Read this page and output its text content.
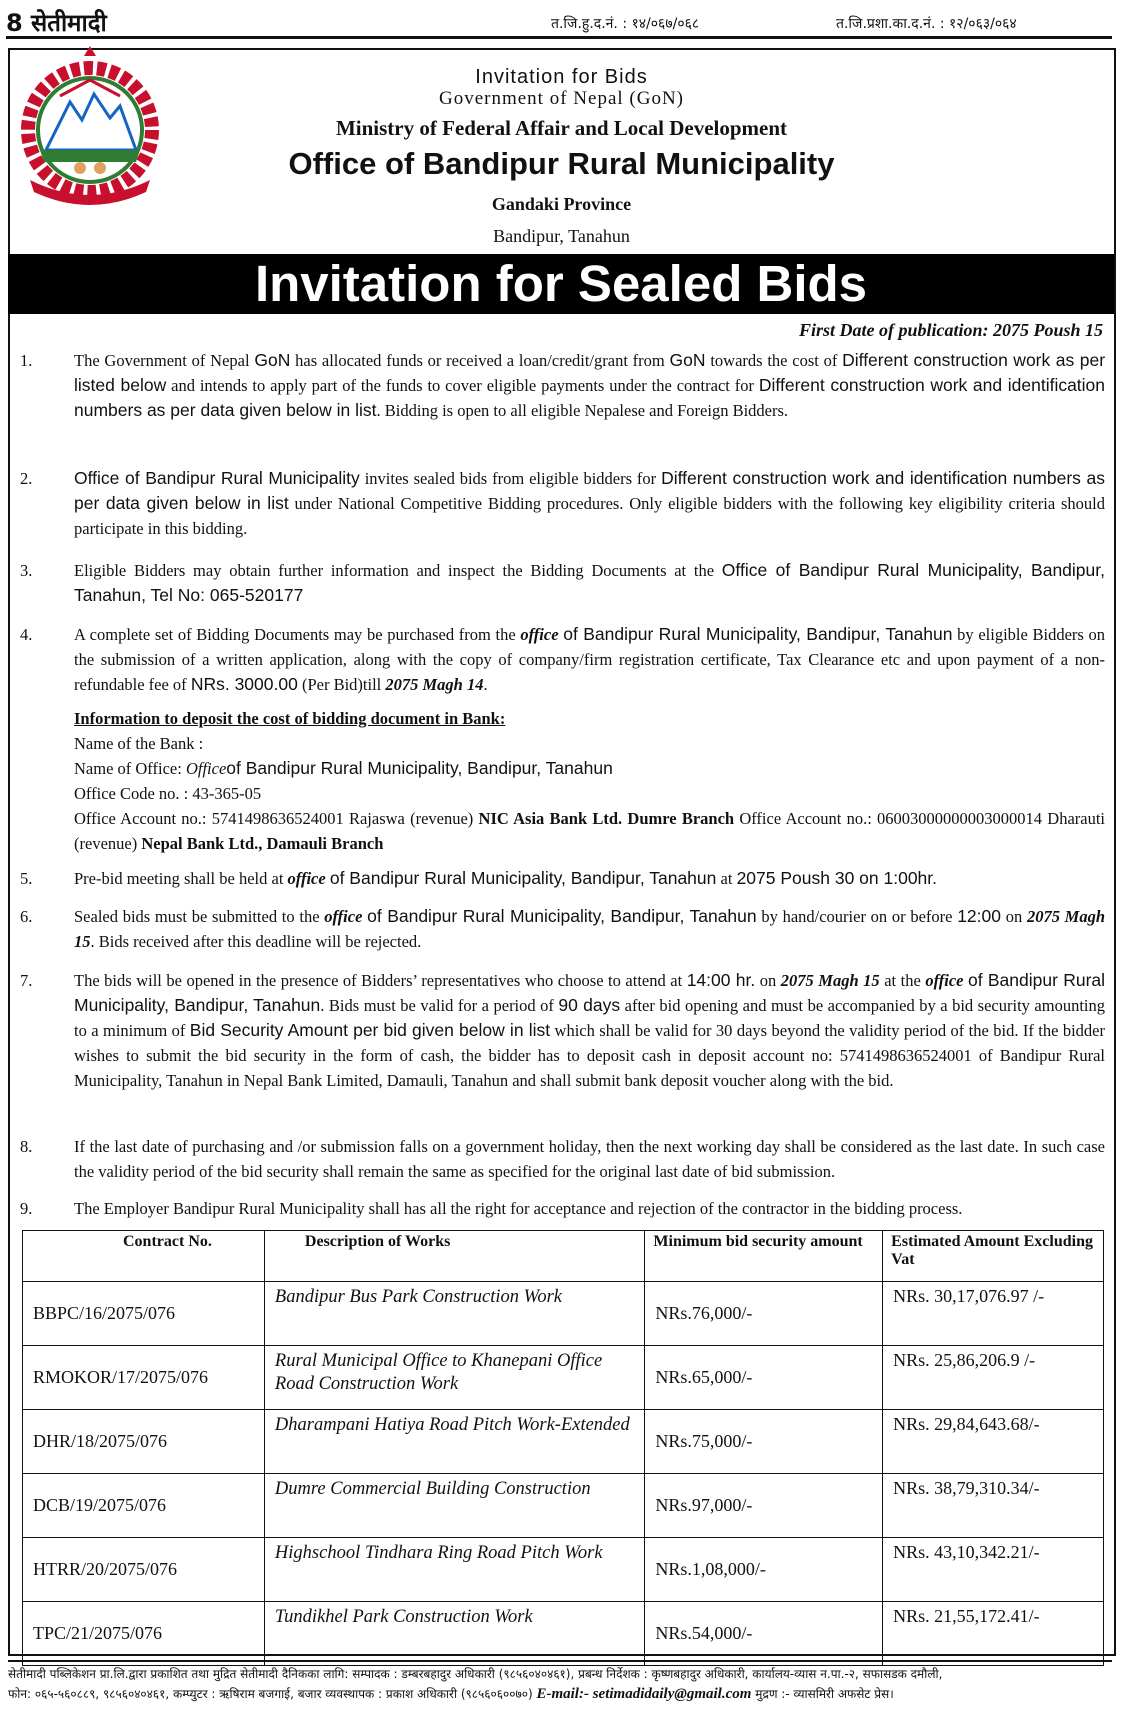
8 सेतीमादी	त.जि.हु.द.नं. : १४/०६७/०६८	त.जि.प्रशा.का.द.नं. : १२/०६३/०६४
Invitation for Bids
Government of Nepal (GoN)
Ministry of Federal Affair and Local Development
Office of Bandipur Rural Municipality
Gandaki Province
Bandipur, Tanahun
Invitation for Sealed Bids
First Date of publication: 2075 Poush 15
1.	The Government of Nepal GoN has allocated funds or received a loan/credit/grant from GoN towards the cost of Different construction work as per listed below and intends to apply part of the funds to cover eligible payments under the contract for Different construction work and identification numbers as per data given below in list. Bidding is open to all eligible Nepalese and Foreign Bidders.
2. Office of Bandipur Rural Municipality invites sealed bids from eligible bidders for Different construction work and identification numbers as per data given below in list under National Competitive Bidding procedures. Only eligible bidders with the following key eligibility criteria should participate in this bidding.
3.	Eligible Bidders may obtain further information and inspect the Bidding Documents at the Office of Bandipur Rural Municipality, Bandipur, Tanahun, Tel No: 065-520177
4.	A complete set of Bidding Documents may be purchased from the office of Bandipur Rural Municipality, Bandipur, Tanahun by eligible Bidders on the submission of a written application, along with the copy of company/firm registration certificate, Tax Clearance etc and upon payment of a non-refundable fee of NRs. 3000.00 (Per Bid)till 2075 Magh 14.
Information to deposit the cost of bidding document in Bank:
Name of the Bank :
Name of Office: Officeof Bandipur Rural Municipality, Bandipur, Tanahun
Office Code no. : 43-365-05
Office Account no.: 5741498636524001 Rajaswa (revenue) NIC Asia Bank Ltd. Dumre Branch Office Account no.: 06003000000003000014 Dharauti (revenue) Nepal Bank Ltd., Damauli Branch
5.	Pre-bid meeting shall be held at office of Bandipur Rural Municipality, Bandipur, Tanahun at 2075 Poush 30 on 1:00hr.
6.	Sealed bids must be submitted to the office of Bandipur Rural Municipality, Bandipur, Tanahun by hand/courier on or before 12:00 on 2075 Magh 15. Bids received after this deadline will be rejected.
7.	The bids will be opened in the presence of Bidders’ representatives who choose to attend at 14:00 hr. on 2075 Magh 15 at the office of Bandipur Rural Municipality, Bandipur, Tanahun. Bids must be valid for a period of 90 days after bid opening and must be accompanied by a bid security amounting to a minimum of Bid Security Amount per bid given below in list which shall be valid for 30 days beyond the validity period of the bid. If the bidder wishes to submit the bid security in the form of cash, the bidder has to deposit cash in deposit account no: 5741498636524001 of Bandipur Rural Municipality, Tanahun in Nepal Bank Limited, Damauli, Tanahun and shall submit bank deposit voucher along with the bid.
8.	If the last date of purchasing and /or submission falls on a government holiday, then the next working day shall be considered as the last date. In such case the validity period of the bid security shall remain the same as specified for the original last date of bid submission.
9.	The Employer Bandipur Rural Municipality shall has all the right for acceptance and rejection of the contractor in the bidding process.
Contract No.	Description of Works	Minimum bid security amount	Estimated Amount Excluding Vat
BBPC/16/2075/076	Bandipur Bus Park Construction Work	NRs.76,000/-	NRs. 30,17,076.97 /-
RMOKOR/17/2075/076	Rural Municipal Office to Khanepani Office Road Construction Work	NRs.65,000/-	NRs. 25,86,206.9 /-
DHR/18/2075/076	Dharampani Hatiya Road Pitch Work-Extended	NRs.75,000/-	NRs. 29,84,643.68/-
DCB/19/2075/076	Dumre Commercial Building Construction	NRs.97,000/-	NRs. 38,79,310.34/-
HTRR/20/2075/076	Highschool Tindhara Ring Road Pitch Work	NRs.1,08,000/-	NRs. 43,10,342.21/-
TPC/21/2075/076	Tundikhel Park Construction Work	NRs.54,000/-	NRs. 21,55,172.41/-
सेतीमादी पब्लिकेशन प्रा.लि.द्वारा प्रकाशित तथा मुद्रित सेतीमादी दैनिकका लागि: सम्पादक : डम्बरबहादुर अधिकारी (९८५६०४०४६१), प्रबन्ध निर्देशक : कृष्णबहादुर अधिकारी, कार्यालय-व्यास न.पा.-२, सफासडक दमौली,
फोन: ०६५-५६०८८९, ९८५६०४०४६१, कम्प्युटर : ऋषिराम बजगाई, बजार व्यवस्थापक : प्रकाश अधिकारी (९८५६०६००७०) E-mail:- setimadidaily@gmail.com मुद्रण :- व्यासमिरी अफसेट प्रेस।
